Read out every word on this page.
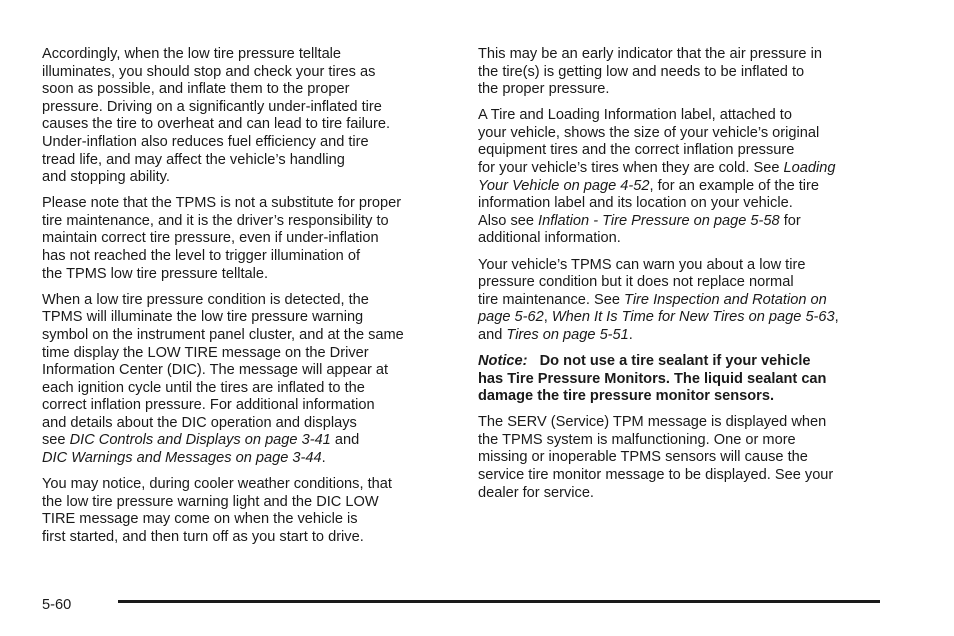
Accordingly, when the low tire pressure telltale
illuminates, you should stop and check your tires as
soon as possible, and inflate them to the proper
pressure. Driving on a significantly under-inflated tire
causes the tire to overheat and can lead to tire failure.
Under-inflation also reduces fuel efficiency and tire
tread life, and may affect the vehicle’s handling
and stopping ability.

Please note that the TPMS is not a substitute for proper
tire maintenance, and it is the driver’s responsibility to
maintain correct tire pressure, even if under-inflation
has not reached the level to trigger illumination of
the TPMS low tire pressure telltale.

When a low tire pressure condition is detected, the
TPMS will illuminate the low tire pressure warning
symbol on the instrument panel cluster, and at the same
time display the LOW TIRE message on the Driver
Information Center (DIC). The message will appear at
each ignition cycle until the tires are inflated to the
correct inflation pressure. For additional information
and details about the DIC operation and displays
see DIC Controls and Displays on page 3-41 and
DIC Warnings and Messages on page 3-44.

You may notice, during cooler weather conditions, that
the low tire pressure warning light and the DIC LOW
TIRE message may come on when the vehicle is
first started, and then turn off as you start to drive.

This may be an early indicator that the air pressure in
the tire(s) is getting low and needs to be inflated to
the proper pressure.

A Tire and Loading Information label, attached to
your vehicle, shows the size of your vehicle’s original
equipment tires and the correct inflation pressure
for your vehicle’s tires when they are cold. See Loading
Your Vehicle on page 4-52, for an example of the tire
information label and its location on your vehicle.
Also see Inflation - Tire Pressure on page 5-58 for
additional information.

Your vehicle’s TPMS can warn you about a low tire
pressure condition but it does not replace normal
tire maintenance. See Tire Inspection and Rotation on
page 5-62, When It Is Time for New Tires on page 5-63,
and Tires on page 5-51.

Notice: Do not use a tire sealant if your vehicle
has Tire Pressure Monitors. The liquid sealant can
damage the tire pressure monitor sensors.

The SERV (Service) TPM message is displayed when
the TPMS system is malfunctioning. One or more
missing or inoperable TPMS sensors will cause the
service tire monitor message to be displayed. See your
dealer for service.

5-60
